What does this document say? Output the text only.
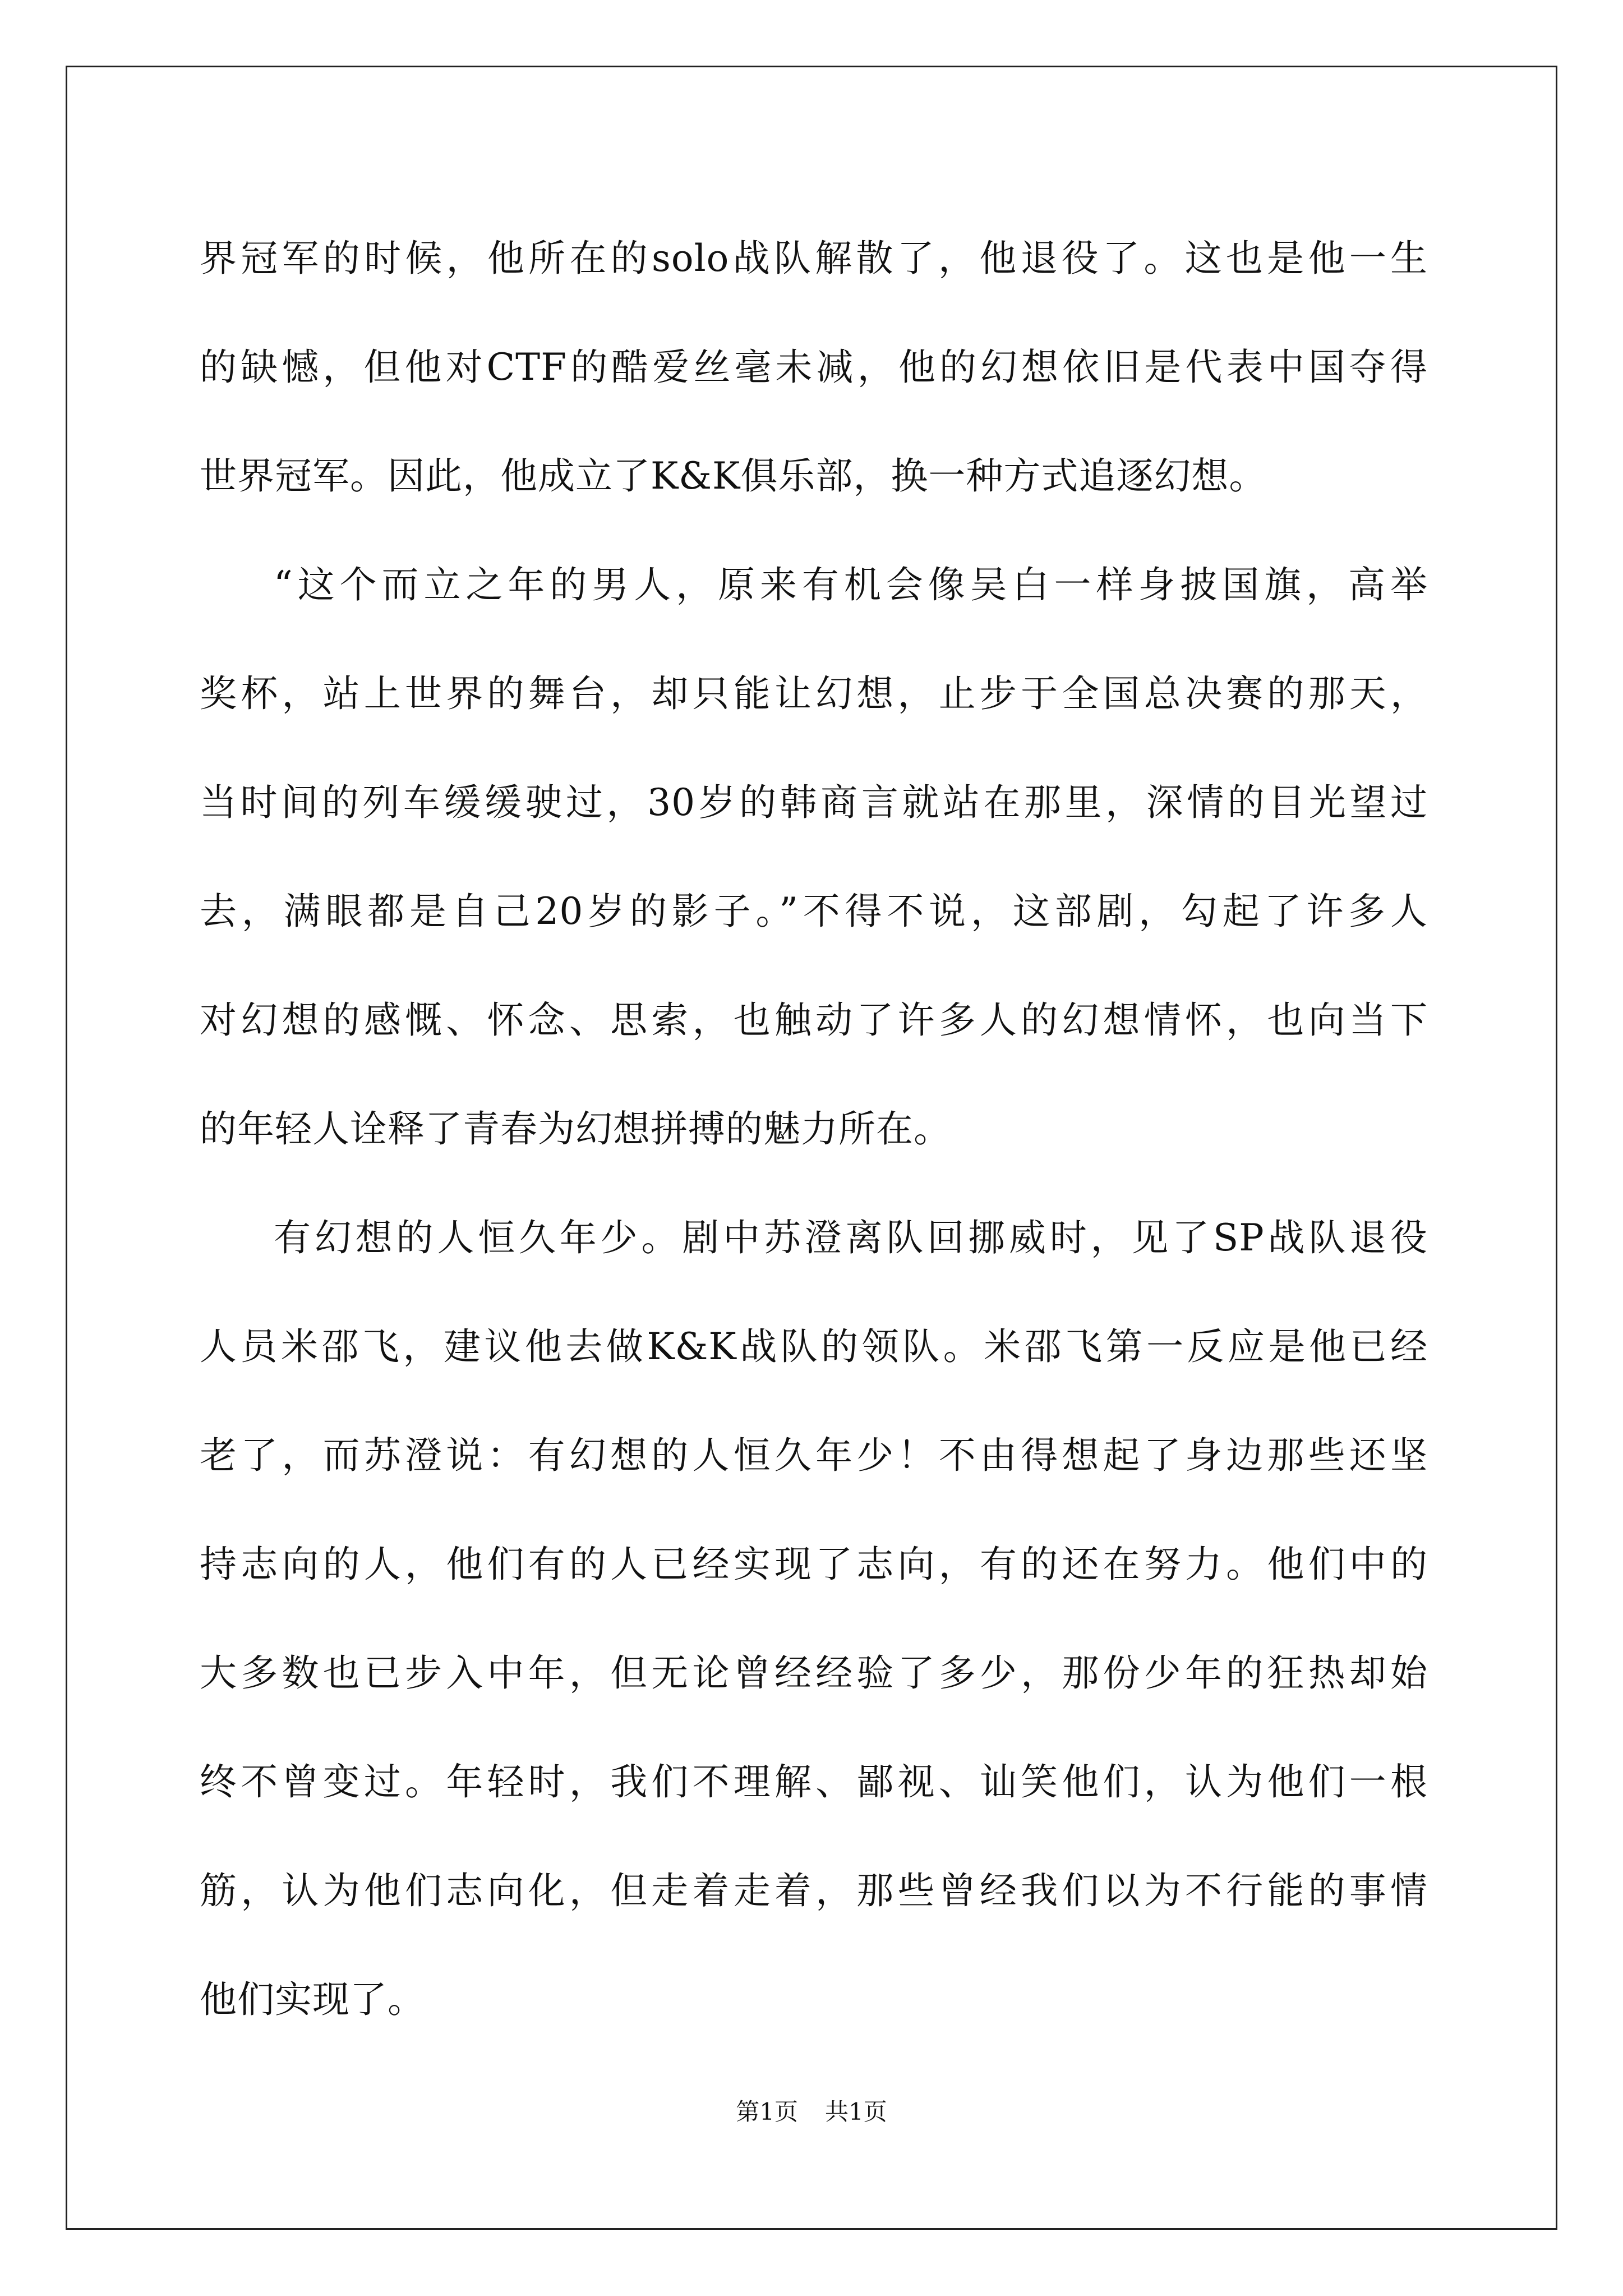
界冠军的时候，他所在的solo战队解散了，他退役了。这也是他一生
的缺憾，但他对CTF的酷爱丝毫未减，他的幻想依旧是代表中国夺得
世界冠军。因此，他成立了K&K俱乐部，换一种方式追逐幻想。
“这个而立之年的男人，原来有机会像吴白一样身披国旗，高举
奖杯，站上世界的舞台，却只能让幻想，止步于全国总决赛的那天，
当时间的列车缓缓驶过，30岁的韩商言就站在那里，深情的目光望过
去，满眼都是自己20岁的影子。”不得不说，这部剧，勾起了许多人
对幻想的感慨、怀念、思索，也触动了许多人的幻想情怀，也向当下
的年轻人诠释了青春为幻想拼搏的魅力所在。
有幻想的人恒久年少。剧中苏澄离队回挪威时，见了SP战队退役
人员米邵飞，建议他去做K&K战队的领队。米邵飞第一反应是他已经
老了，而苏澄说：有幻想的人恒久年少！不由得想起了身边那些还坚
持志向的人，他们有的人已经实现了志向，有的还在努力。他们中的
大多数也已步入中年，但无论曾经经验了多少，那份少年的狂热却始
终不曾变过。年轻时，我们不理解、鄙视、讪笑他们，认为他们一根
筋，认为他们志向化，但走着走着，那些曾经我们以为不行能的事情
他们实现了。
第1页 共1页
